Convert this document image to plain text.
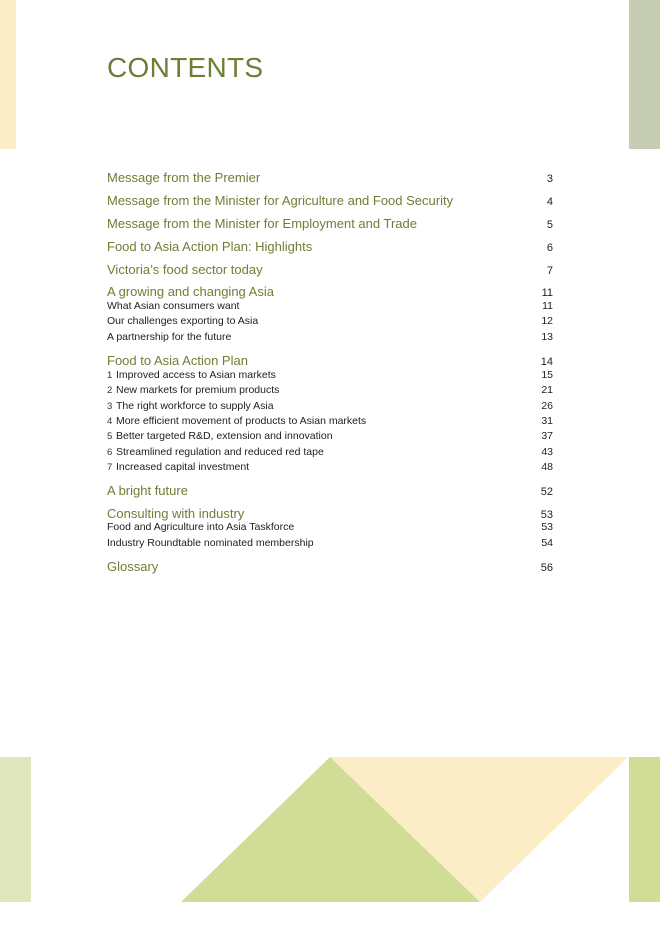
CONTENTS
Message from the Premier	3
Message from the Minister for Agriculture and Food Security	4
Message from the Minister for Employment and Trade	5
Food to Asia Action Plan: Highlights	6
Victoria’s food sector today	7
A growing and changing Asia	11
What Asian consumers want	11
Our challenges exporting to Asia	12
A partnership for the future	13
Food to Asia Action Plan	14
1 Improved access to Asian markets	15
2 New markets for premium products	21
3 The right workforce to supply Asia	26
4 More efficient movement of products to Asian markets	31
5 Better targeted R&D, extension and innovation	37
6 Streamlined regulation and reduced red tape	43
7 Increased capital investment	48
A bright future	52
Consulting with industry	53
Food and Agriculture into Asia Taskforce	53
Industry Roundtable nominated membership	54
Glossary	56
